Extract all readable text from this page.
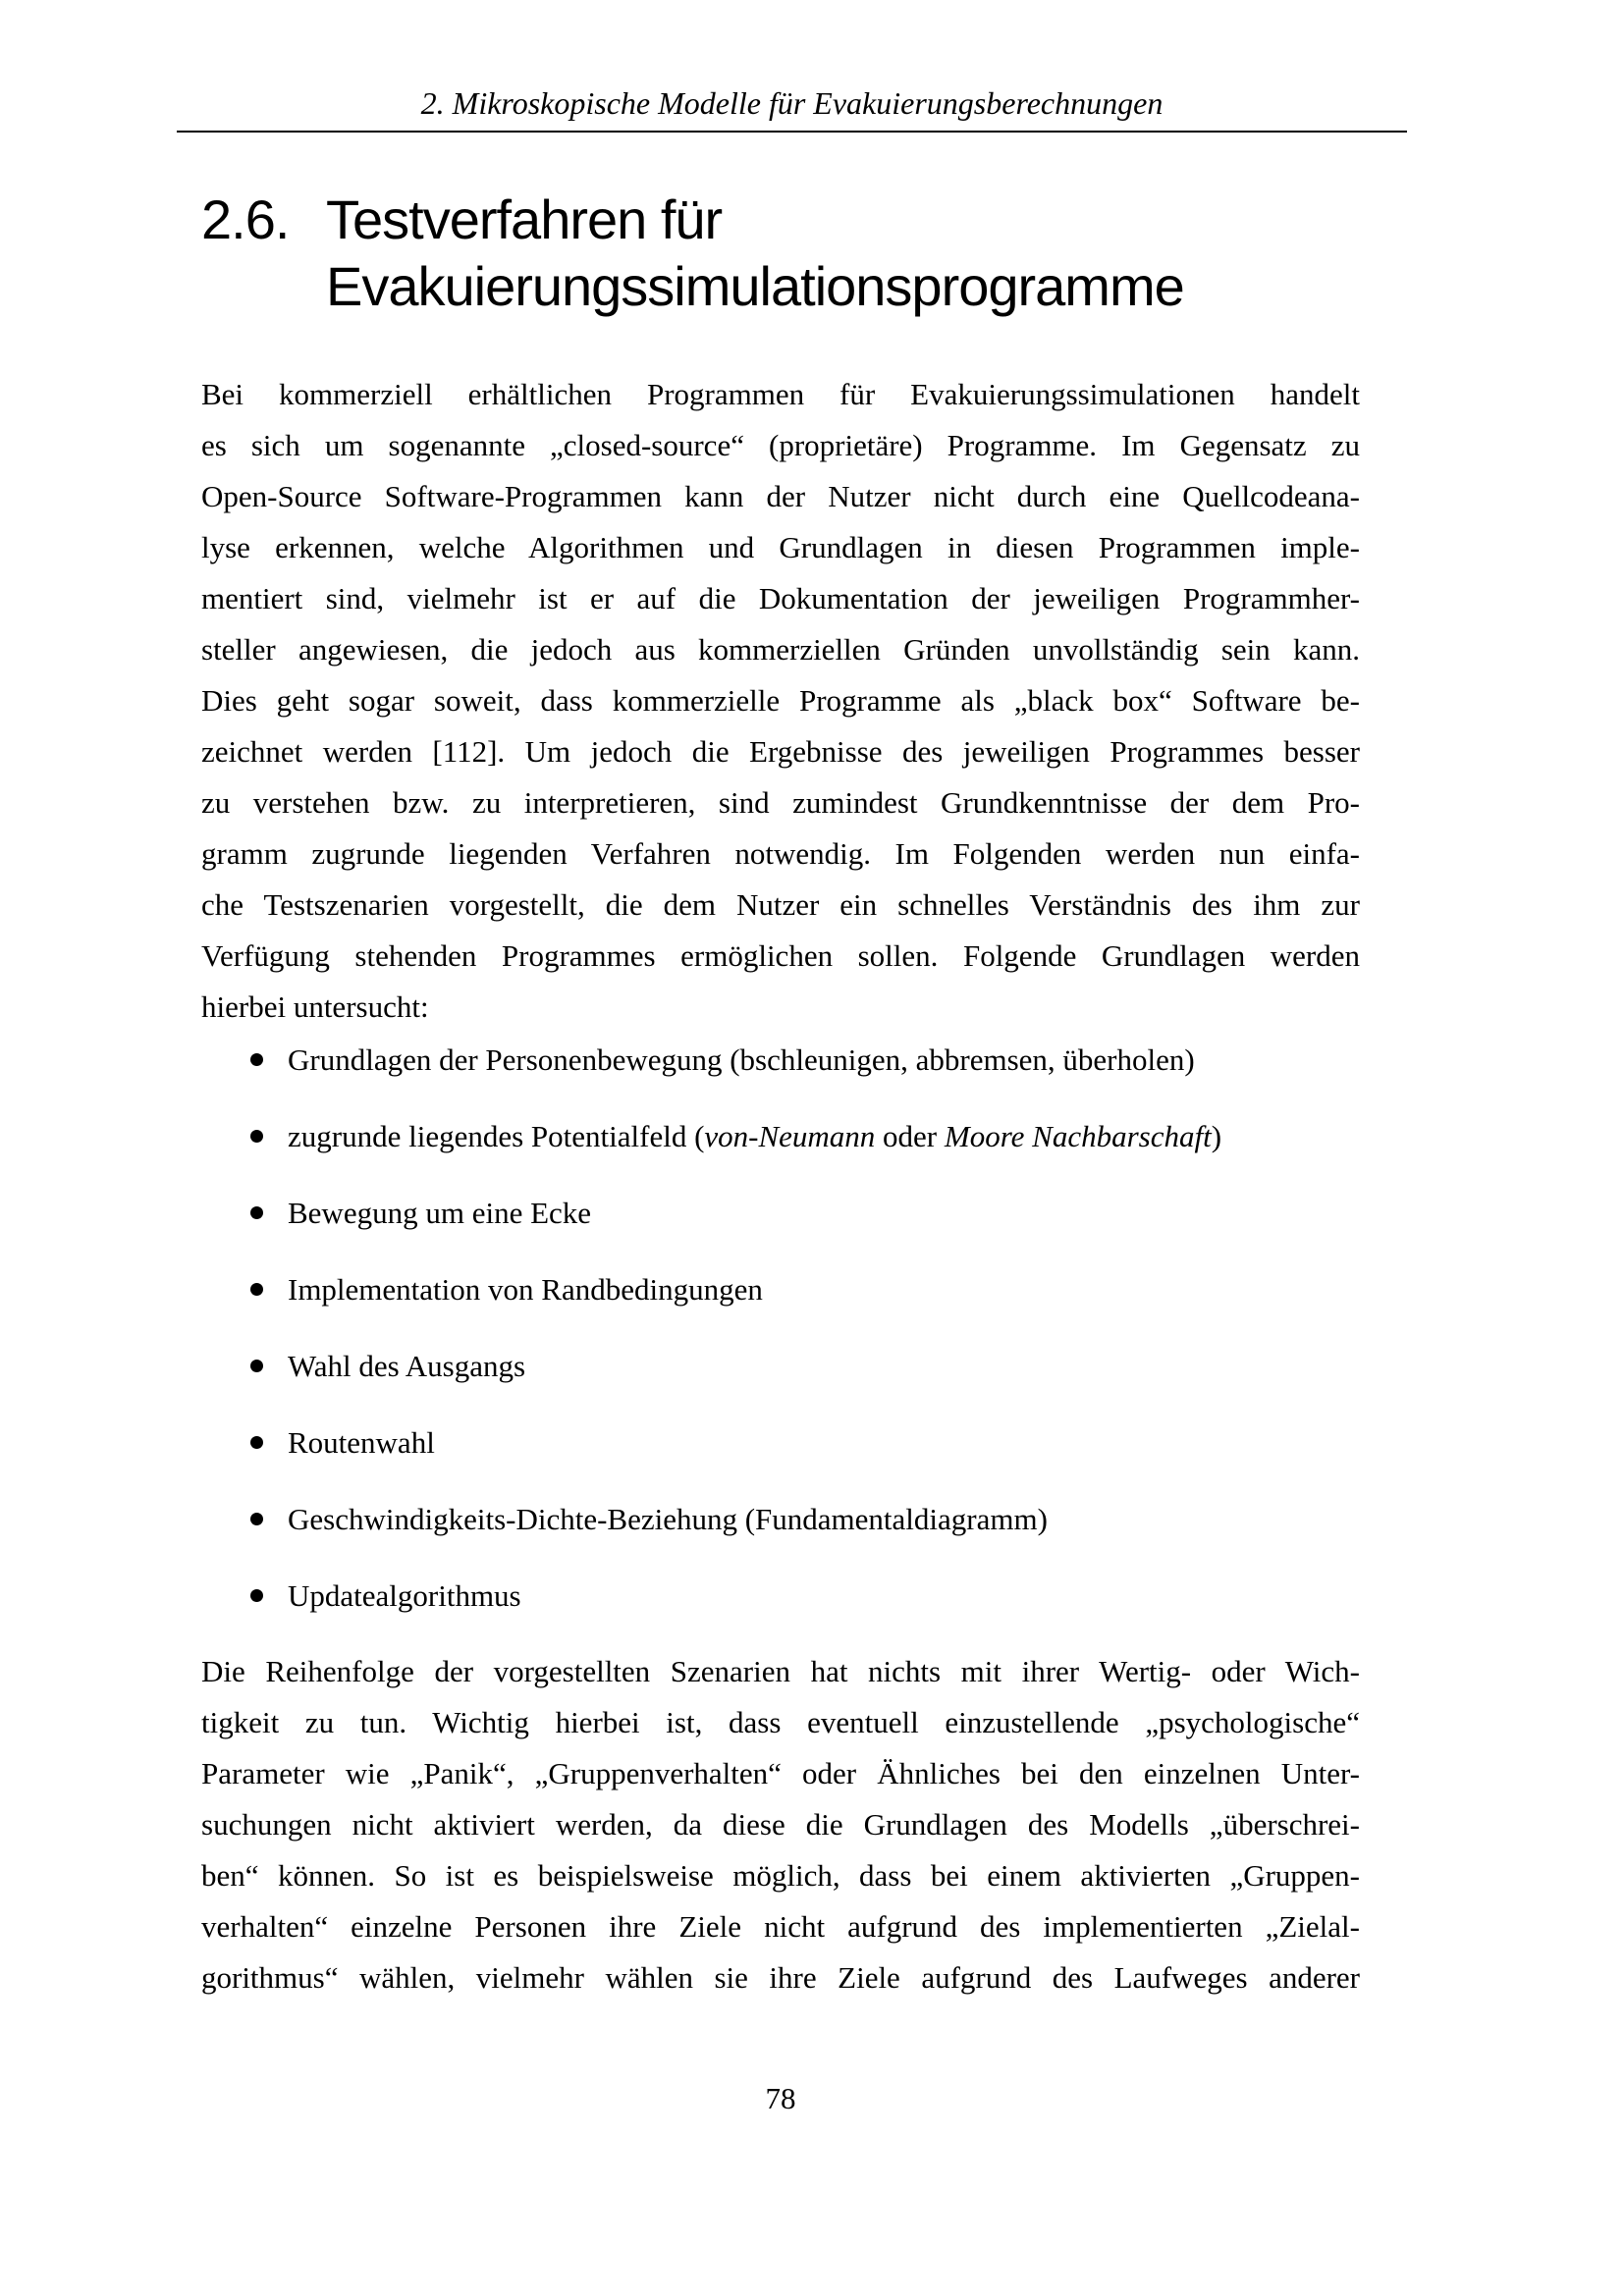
2. Mikroskopische Modelle für Evakuierungsberechnungen
2.6. Testverfahren für
Evakuierungssimulationsprogramme
Bei kommerziell erhältlichen Programmen für Evakuierungssimulationen handelt
es sich um sogenannte „closed-source“ (proprietäre) Programme. Im Gegensatz zu
Open-Source Software-Programmen kann der Nutzer nicht durch eine Quellcodeana-
lyse erkennen, welche Algorithmen und Grundlagen in diesen Programmen imple-
mentiert sind, vielmehr ist er auf die Dokumentation der jeweiligen Programmher-
steller angewiesen, die jedoch aus kommerziellen Gründen unvollständig sein kann.
Dies geht sogar soweit, dass kommerzielle Programme als „black box“ Software be-
zeichnet werden [112]. Um jedoch die Ergebnisse des jeweiligen Programmes besser
zu verstehen bzw. zu interpretieren, sind zumindest Grundkenntnisse der dem Pro-
gramm zugrunde liegenden Verfahren notwendig. Im Folgenden werden nun einfa-
che Testszenarien vorgestellt, die dem Nutzer ein schnelles Verständnis des ihm zur
Verfügung stehenden Programmes ermöglichen sollen. Folgende Grundlagen werden
hierbei untersucht:
Grundlagen der Personenbewegung (bschleunigen, abbremsen, überholen)
zugrunde liegendes Potentialfeld (von-Neumann oder Moore Nachbarschaft)
Bewegung um eine Ecke
Implementation von Randbedingungen
Wahl des Ausgangs
Routenwahl
Geschwindigkeits-Dichte-Beziehung (Fundamentaldiagramm)
Updatealgorithmus
Die Reihenfolge der vorgestellten Szenarien hat nichts mit ihrer Wertig- oder Wich-
tigkeit zu tun. Wichtig hierbei ist, dass eventuell einzustellende „psychologische“
Parameter wie „Panik“, „Gruppenverhalten“ oder Ähnliches bei den einzelnen Unter-
suchungen nicht aktiviert werden, da diese die Grundlagen des Modells „überschrei-
ben“ können. So ist es beispielsweise möglich, dass bei einem aktivierten „Gruppen-
verhalten“ einzelne Personen ihre Ziele nicht aufgrund des implementierten „Zielal-
gorithmus“ wählen, vielmehr wählen sie ihre Ziele aufgrund des Laufweges anderer
78
